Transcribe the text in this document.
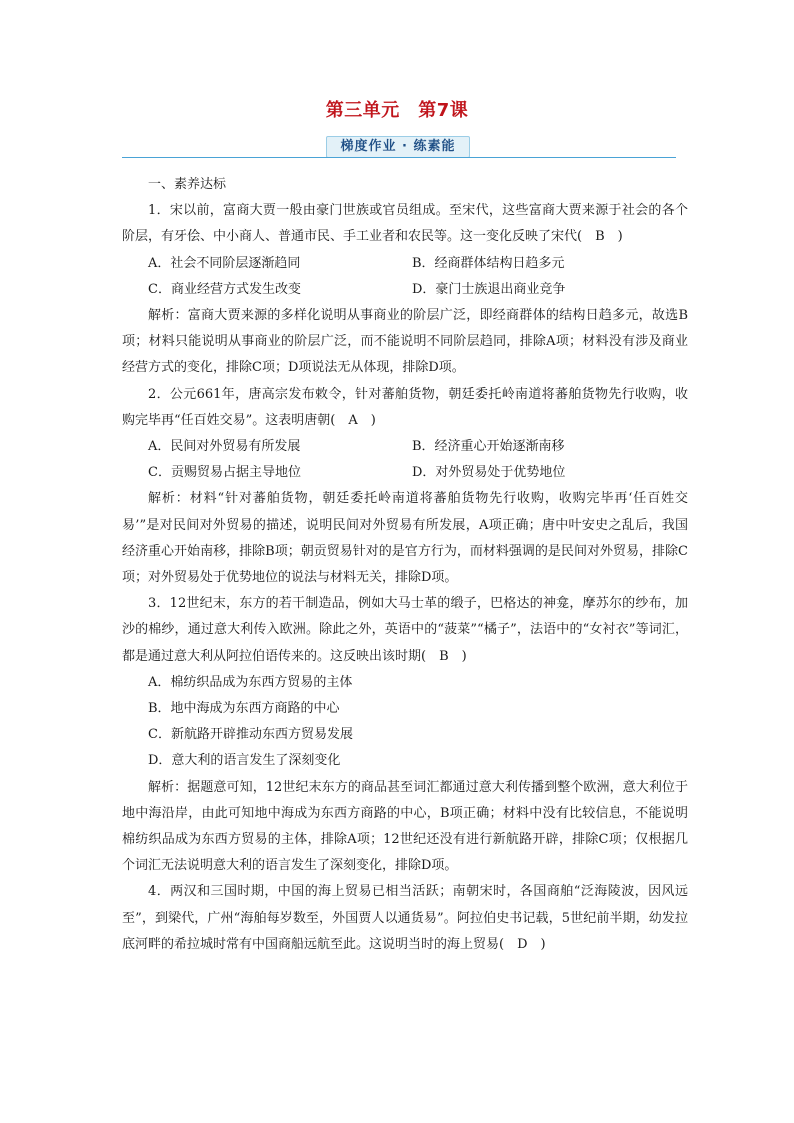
第三单元　第7课
梯度作业 · 练素能

一、素养达标

1．宋以前，富商大贾一般由豪门世族或官员组成。至宋代，这些富商大贾来源于社会的各个阶层，有牙侩、中小商人、普通市民、手工业者和农民等。这一变化反映了宋代(　B　)

A．社会不同阶层逐渐趋同	B．经商群体结构日趋多元
C．商业经营方式发生改变	D．豪门士族退出商业竞争

解析：富商大贾来源的多样化说明从事商业的阶层广泛，即经商群体的结构日趋多元，故选B项；材料只能说明从事商业的阶层广泛，而不能说明不同阶层趋同，排除A项；材料没有涉及商业经营方式的变化，排除C项；D项说法无从体现，排除D项。

2．公元661年，唐高宗发布敕令，针对蕃舶货物，朝廷委托岭南道将蕃舶货物先行收购，收购完毕再“任百姓交易”。这表明唐朝(　A　)

A．民间对外贸易有所发展	B．经济重心开始逐渐南移
C．贡赐贸易占据主导地位	D．对外贸易处于优势地位

解析：材料“针对蕃舶货物，朝廷委托岭南道将蕃舶货物先行收购，收购完毕再‘任百姓交易’”是对民间对外贸易的描述，说明民间对外贸易有所发展，A项正确；唐中叶安史之乱后，我国经济重心开始南移，排除B项；朝贡贸易针对的是官方行为，而材料强调的是民间对外贸易，排除C项；对外贸易处于优势地位的说法与材料无关，排除D项。

3．12世纪末，东方的若干制造品，例如大马士革的缎子，巴格达的神龛，摩苏尔的纱布，加沙的棉纱，通过意大利传入欧洲。除此之外，英语中的“菠菜”“橘子”，法语中的“女衬衣”等词汇，都是通过意大利从阿拉伯语传来的。这反映出该时期(　B　)

A．棉纺织品成为东西方贸易的主体

B．地中海成为东西方商路的中心

C．新航路开辟推动东西方贸易发展

D．意大利的语言发生了深刻变化

解析：据题意可知，12世纪末东方的商品甚至词汇都通过意大利传播到整个欧洲，意大利位于地中海沿岸，由此可知地中海成为东西方商路的中心，B项正确；材料中没有比较信息，不能说明棉纺织品成为东西方贸易的主体，排除A项；12世纪还没有进行新航路开辟，排除C项；仅根据几个词汇无法说明意大利的语言发生了深刻变化，排除D项。

4．两汉和三国时期，中国的海上贸易已相当活跃；南朝宋时，各国商舶“泛海陵波，因风远至”，到梁代，广州“海舶每岁数至，外国贾人以通货易”。阿拉伯史书记载，5世纪前半期，幼发拉底河畔的希拉城时常有中国商船远航至此。这说明当时的海上贸易(　D　)
